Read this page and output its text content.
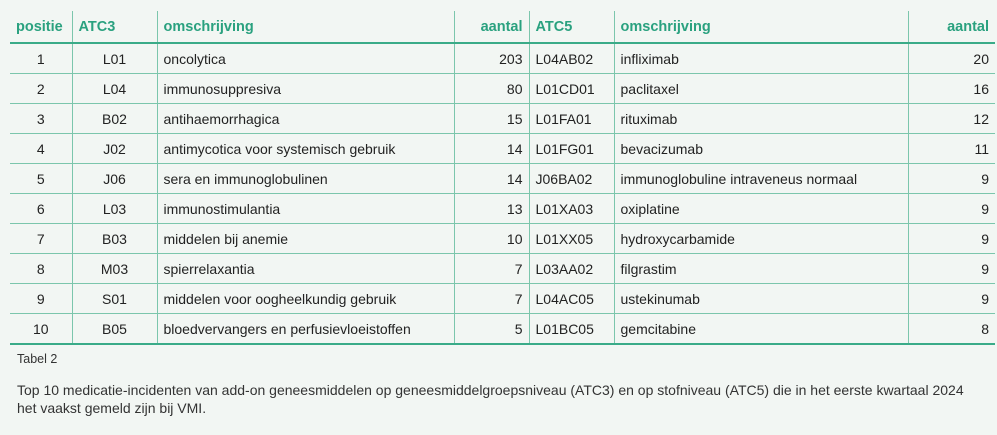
positie	ATC3	omschrijving	aantal	ATC5	omschrijving	aantal
1	L01	oncolytica	203	L04AB02	infliximab	20
2	L04	immunosuppresiva	80	L01CD01	paclitaxel	16
3	B02	antihaemorrhagica	15	L01FA01	rituximab	12
4	J02	antimycotica voor systemisch gebruik	14	L01FG01	bevacizumab	11
5	J06	sera en immunoglobulinen	14	J06BA02	immunoglobuline intraveneus normaal	9
6	L03	immunostimulantia	13	L01XA03	oxiplatine	9
7	B03	middelen bij anemie	10	L01XX05	hydroxycarbamide	9
8	M03	spierrelaxantia	7	L03AA02	filgrastim	9
9	S01	middelen voor oogheelkundig gebruik	7	L04AC05	ustekinumab	9
10	B05	bloedvervangers en perfusievloeistoffen	5	L01BC05	gemcitabine	8
Tabel 2
Top 10 medicatie-incidenten van add-on geneesmiddelen op geneesmiddelgroepsniveau (ATC3) en op stofniveau (ATC5) die in het eerste kwartaal 2024 het vaakst gemeld zijn bij VMI.
